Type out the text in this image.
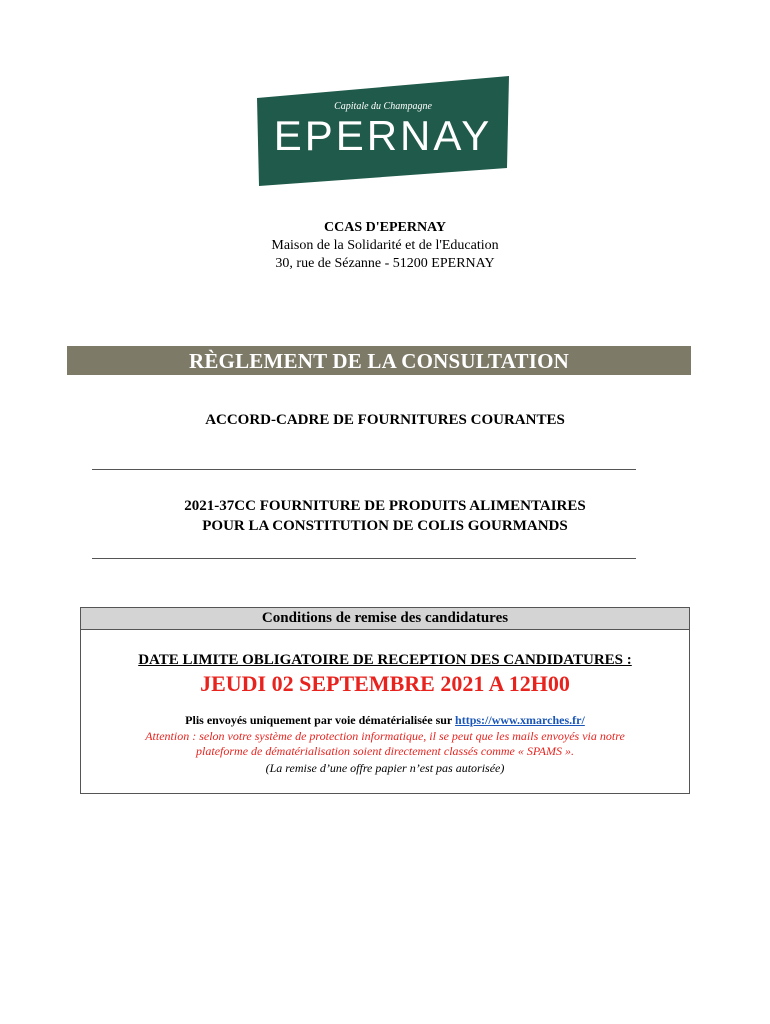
Capitale du Champagne
EPERNAY
CCAS D'EPERNAY
Maison de la Solidarité et de l'Education
30, rue de Sézanne - 51200 EPERNAY
RÈGLEMENT DE LA CONSULTATION
ACCORD-CADRE DE FOURNITURES COURANTES
2021-37CC FOURNITURE DE PRODUITS ALIMENTAIRES
POUR LA CONSTITUTION DE COLIS GOURMANDS
Conditions de remise des candidatures
DATE LIMITE OBLIGATOIRE DE RECEPTION DES CANDIDATURES :
JEUDI 02 SEPTEMBRE 2021 A 12H00
Plis envoyés uniquement par voie dématérialisée sur https://www.xmarches.fr/
Attention : selon votre système de protection informatique, il se peut que les mails envoyés via notre
plateforme de dématérialisation soient directement classés comme « SPAMS ».
(La remise d’une offre papier n’est pas autorisée)
